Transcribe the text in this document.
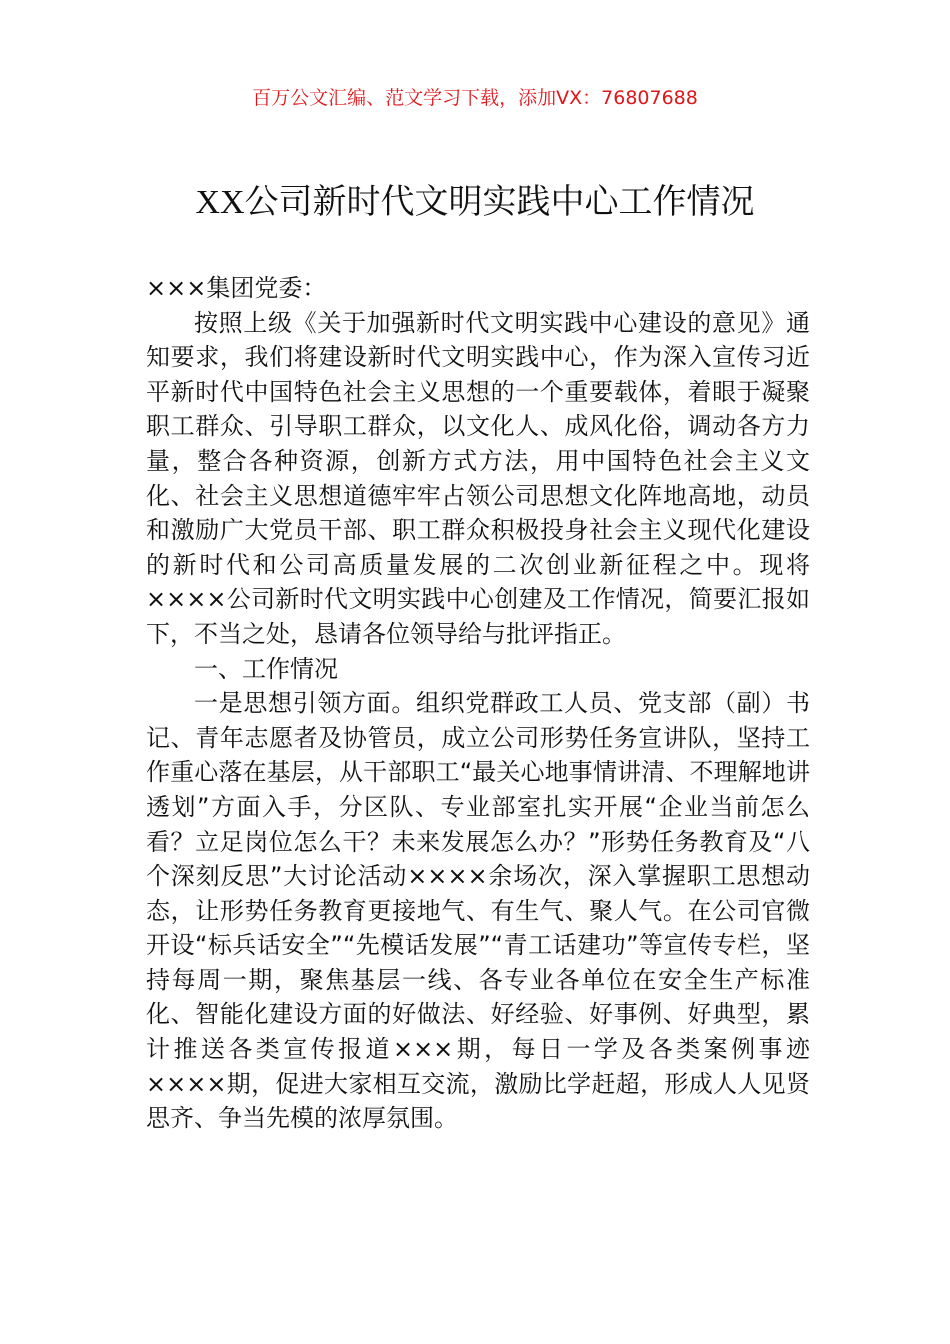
百万公文汇编、范文学习下载，添加VX：76807688
XX公司新时代文明实践中心工作情况

×××集团党委：

按照上级《关于加强新时代文明实践中心建设的意见》通知要求，我们将建设新时代文明实践中心，作为深入宣传习近平新时代中国特色社会主义思想的一个重要载体，着眼于凝聚职工群众、引导职工群众，以文化人、成风化俗，调动各方力量，整合各种资源，创新方式方法，用中国特色社会主义文化、社会主义思想道德牢牢占领公司思想文化阵地高地，动员和激励广大党员干部、职工群众积极投身社会主义现代化建设的新时代和公司高质量发展的二次创业新征程之中。现将××××公司新时代文明实践中心创建及工作情况，简要汇报如下，不当之处，恳请各位领导给与批评指正。

一、工作情况

一是思想引领方面。组织党群政工人员、党支部（副）书记、青年志愿者及协管员，成立公司形势任务宣讲队，坚持工作重心落在基层，从干部职工“最关心地事情讲清、不理解地讲透划”方面入手，分区队、专业部室扎实开展“企业当前怎么看？立足岗位怎么干？未来发展怎么办？”形势任务教育及“八个深刻反思”大讨论活动××××余场次，深入掌握职工思想动态，让形势任务教育更接地气、有生气、聚人气。在公司官微开设“标兵话安全”“先模话发展”“青工话建功”等宣传专栏，坚持每周一期，聚焦基层一线、各专业各单位在安全生产标准化、智能化建设方面的好做法、好经验、好事例、好典型，累计推送各类宣传报道×××期，每日一学及各类案例事迹××××期，促进大家相互交流，激励比学赶超，形成人人见贤思齐、争当先模的浓厚氛围。
